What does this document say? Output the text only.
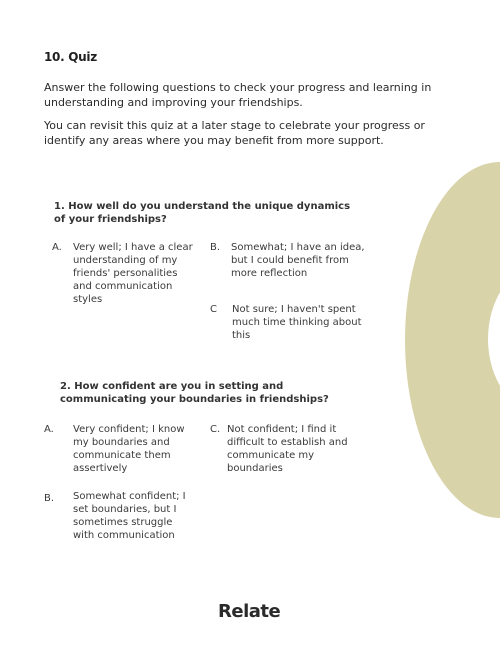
10. Quiz
Answer the following questions to check your progress and learning in understanding and improving your friendships.
You can revisit this quiz at a later stage to celebrate your progress or identify any areas where you may benefit from more support.
1. How well do you understand the unique dynamics of your friendships?
A. Very well; I have a clear understanding of my friends' personalities and communication styles
B. Somewhat; I have an idea, but I could benefit from more reflection
C Not sure; I haven't spent much time thinking about this
2. How confident are you in setting and communicating your boundaries in friendships?
A. Very confident; I know my boundaries and communicate them assertively
C. Not confident; I find it difficult to establish and communicate my boundaries
B. Somewhat confident; I set boundaries, but I sometimes struggle with communication
Relate
